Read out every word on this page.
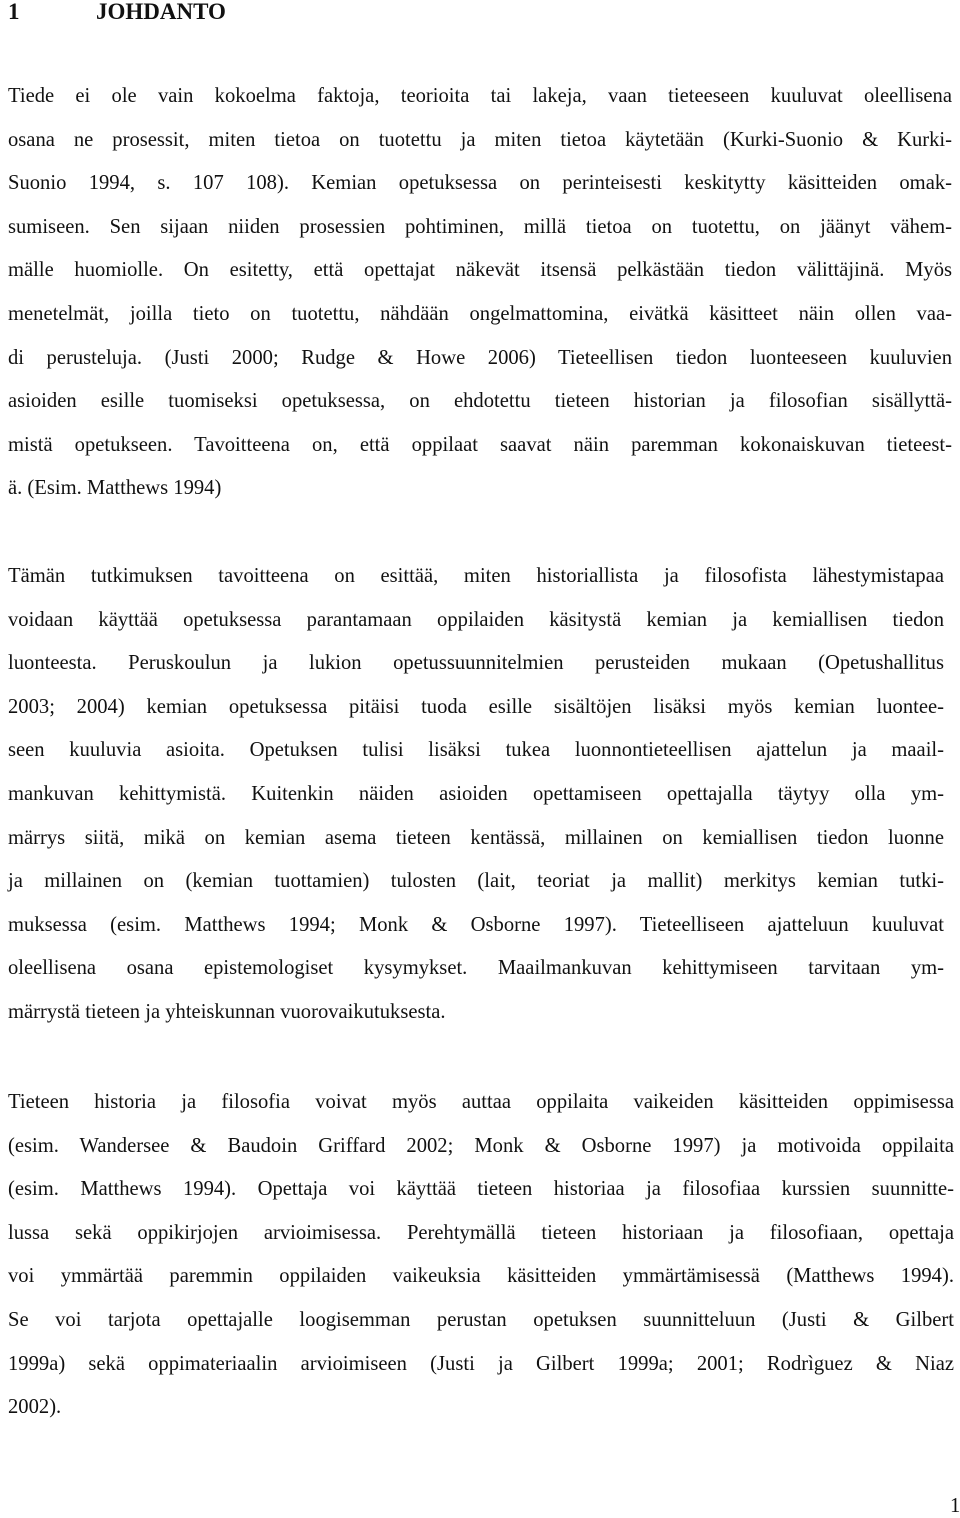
1	JOHDANTO
Tiede ei ole vain kokoelma faktoja, teorioita tai lakeja, vaan tieteeseen kuuluvat oleellisena
osana ne prosessit, miten tietoa on tuotettu ja miten tietoa käytetään (Kurki-Suonio & Kurki-
Suonio 1994, s. 107 108). Kemian opetuksessa on perinteisesti keskitytty käsitteiden omak-
sumiseen. Sen sijaan niiden prosessien pohtiminen, millä tietoa on tuotettu, on jäänyt vähem-
mälle huomiolle. On esitetty, että opettajat näkevät itsensä pelkästään tiedon välittäjinä. Myös
menetelmät, joilla tieto on tuotettu, nähdään ongelmattomina, eivätkä käsitteet näin ollen vaa-
di perusteluja. (Justi 2000; Rudge & Howe 2006) Tieteellisen tiedon luonteeseen kuuluvien
asioiden esille tuomiseksi opetuksessa, on ehdotettu tieteen historian ja filosofian sisällyttä-
mistä opetukseen. Tavoitteena on, että oppilaat saavat näin paremman kokonaiskuvan tieteest-
ä. (Esim. Matthews 1994)
Tämän tutkimuksen tavoitteena on esittää, miten historiallista ja filosofista lähestymistapaa
voidaan käyttää opetuksessa parantamaan oppilaiden käsitystä kemian ja kemiallisen tiedon
luonteesta. Peruskoulun ja lukion opetussuunnitelmien perusteiden mukaan (Opetushallitus
2003; 2004) kemian opetuksessa pitäisi tuoda esille sisältöjen lisäksi myös kemian luontee-
seen kuuluvia asioita. Opetuksen tulisi lisäksi tukea luonnontieteellisen ajattelun ja maail-
mankuvan kehittymistä. Kuitenkin näiden asioiden opettamiseen opettajalla täytyy olla ym-
märrys siitä, mikä on kemian asema tieteen kentässä, millainen on kemiallisen tiedon luonne
ja millainen on (kemian tuottamien) tulosten (lait, teoriat ja mallit) merkitys kemian tutki-
muksessa (esim. Matthews 1994; Monk & Osborne 1997). Tieteelliseen ajatteluun kuuluvat
oleellisena osana epistemologiset kysymykset. Maailmankuvan kehittymiseen tarvitaan ym-
märrystä tieteen ja yhteiskunnan vuorovaikutuksesta.
Tieteen historia ja filosofia voivat myös auttaa oppilaita vaikeiden käsitteiden oppimisessa
(esim. Wandersee & Baudoin Griffard 2002; Monk & Osborne 1997) ja motivoida oppilaita
(esim. Matthews 1994). Opettaja voi käyttää tieteen historiaa ja filosofiaa kurssien suunnitte-
lussa sekä oppikirjojen arvioimisessa. Perehtymällä tieteen historiaan ja filosofiaan, opettaja
voi ymmärtää paremmin oppilaiden vaikeuksia käsitteiden ymmärtämisessä (Matthews 1994).
Se voi tarjota opettajalle loogisemman perustan opetuksen suunnitteluun (Justi & Gilbert
1999a) sekä oppimateriaalin arvioimiseen (Justi ja Gilbert 1999a; 2001; Rodrìguez & Niaz
2002).
1
